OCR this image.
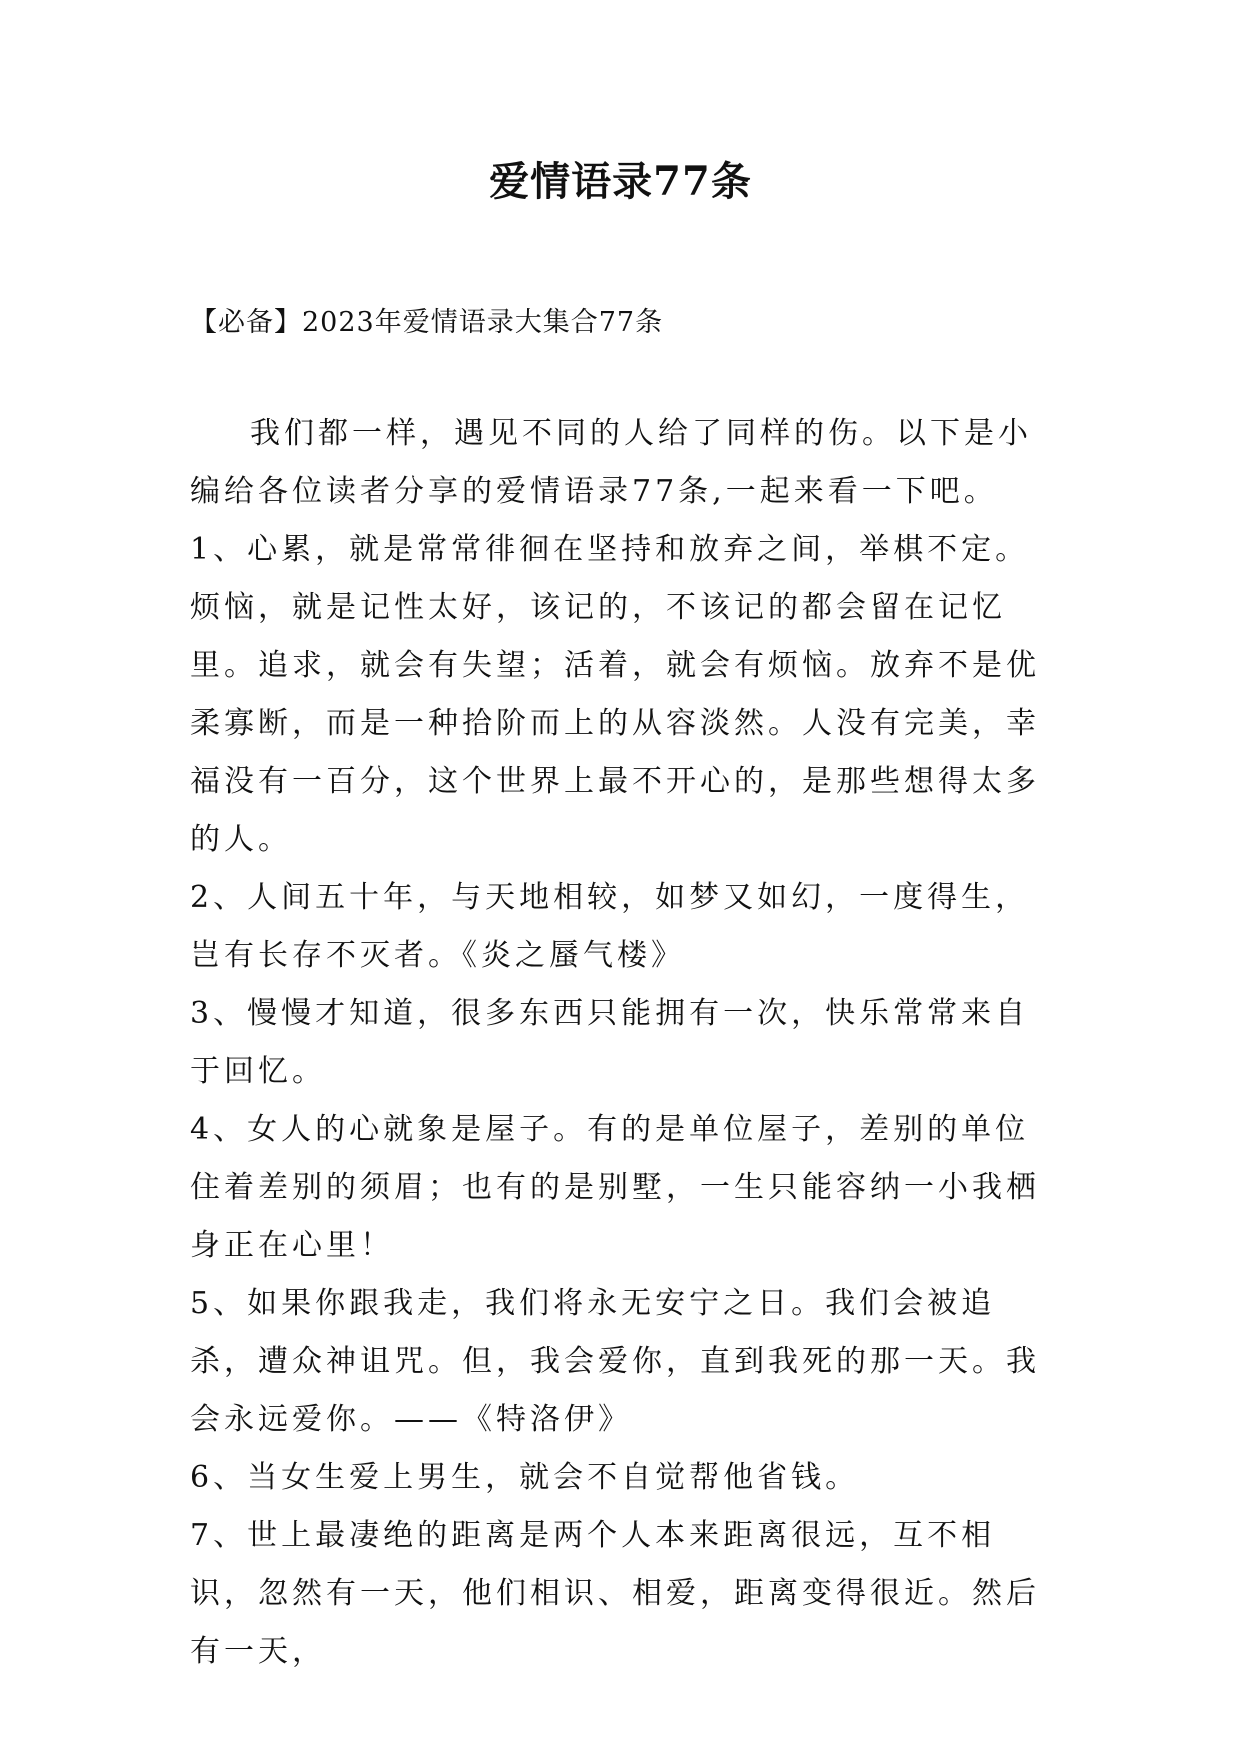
爱情语录77条

【必备】2023年爱情语录大集合77条

我们都一样，遇见不同的人给了同样的伤。以下是小编给各位读者分享的爱情语录77条,一起来看一下吧。

1、心累，就是常常徘徊在坚持和放弃之间，举棋不定。烦恼，就是记性太好，该记的，不该记的都会留在记忆里。追求，就会有失望；活着，就会有烦恼。放弃不是优柔寡断，而是一种拾阶而上的从容淡然。人没有完美，幸福没有一百分，这个世界上最不开心的，是那些想得太多的人。

2、人间五十年，与天地相较，如梦又如幻，一度得生，岂有长存不灭者。《炎之蜃气楼》

3、慢慢才知道，很多东西只能拥有一次，快乐常常来自于回忆。

4、女人的心就象是屋子。有的是单位屋子，差别的单位住着差别的须眉；也有的是别墅，一生只能容纳一小我栖身正在心里！

5、如果你跟我走，我们将永无安宁之日。我们会被追杀，遭众神诅咒。但，我会爱你，直到我死的那一天。我会永远爱你。——《特洛伊》

6、当女生爱上男生，就会不自觉帮他省钱。

7、世上最凄绝的距离是两个人本来距离很远，互不相识，忽然有一天，他们相识、相爱，距离变得很近。然后有一天，
